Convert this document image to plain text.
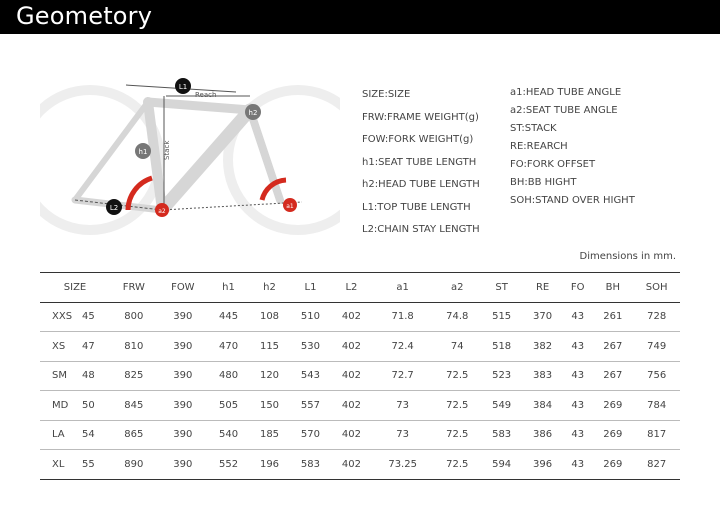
Geometory
L1
Reach
Stack
h1
h2
L2	a2
a1
SIZE:SIZE
FRW:FRAME WEIGHT(g)
FOW:FORK WEIGHT(g)
h1:SEAT TUBE LENGTH
h2:HEAD TUBE LENGTH
L1:TOP TUBE LENGTH
L2:CHAIN STAY LENGTH
a1:HEAD TUBE ANGLE
a2:SEAT TUBE ANGLE
ST:STACK
RE:REARCH
FO:FORK OFFSET
BH:BB HIGHT
SOH:STAND OVER HIGHT
Dimensions in mm.
SIZE	FRW	FOW	h1	h2	L1	L2	a1	a2	ST	RE	FO	BH	SOH
XXS 45	800	390	445	108	510	402	71.8	74.8	515	370	43	261	728
XS 47	810	390	470	115	530	402	72.4	74	518	382	43	267	749
SM 48	825	390	480	120	543	402	72.7	72.5	523	383	43	267	756
MD 50	845	390	505	150	557	402	73	72.5	549	384	43	269	784
LA 54	865	390	540	185	570	402	73	72.5	583	386	43	269	817
XL 55	890	390	552	196	583	402	73.25	72.5	594	396	43	269	827
